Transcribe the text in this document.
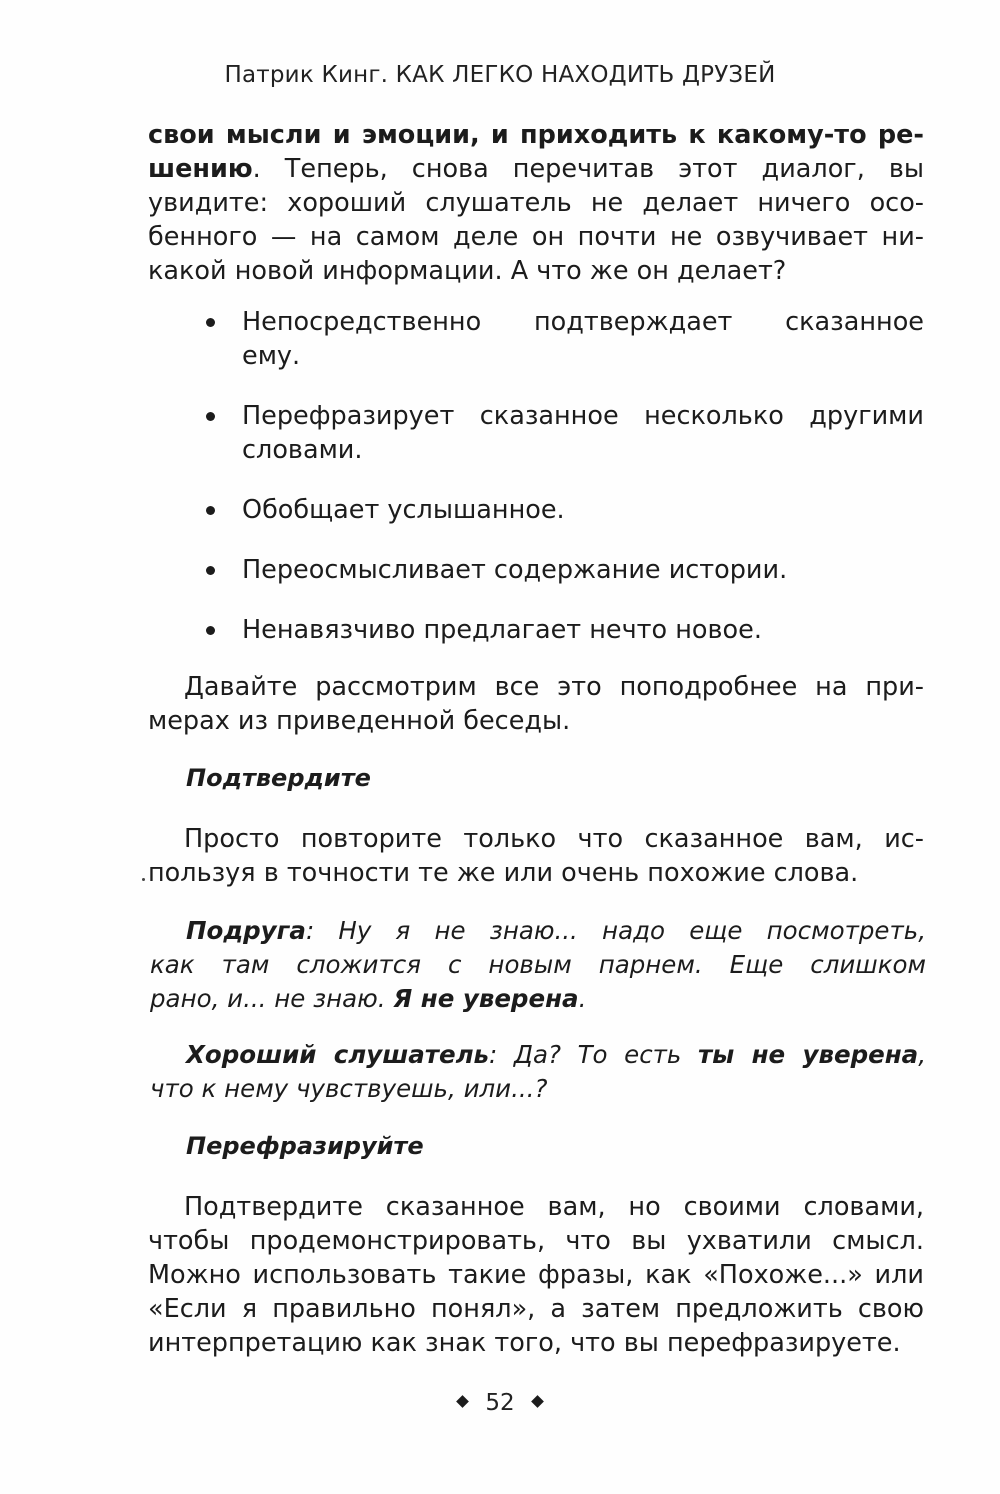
Патрик Кинг. КАК ЛЕГКО НАХОДИТЬ ДРУЗЕЙ
свои мысли и эмоции, и приходить к какому-то ре-
шению. Теперь, снова перечитав этот диалог, вы
увидите: хороший слушатель не делает ничего осо-
бенного — на самом деле он почти не озвучивает ни-
какой новой информации. А что же он делает?
Непосредственно подтверждает сказанное
ему.
Перефразирует сказанное несколько другими
словами.
Обобщает услышанное.
Переосмысливает содержание истории.
Ненавязчиво предлагает нечто новое.
Давайте рассмотрим все это поподробнее на при-
мерах из приведенной беседы.
Подтвердите
Просто повторите только что сказанное вам, ис-
пользуя в точности те же или очень похожие слова.
Подруга: Ну я не знаю... надо еще посмотреть,
как там сложится с новым парнем. Еще слишком
рано, и... не знаю. Я не уверена.
Хороший слушатель: Да? То есть ты не уверена,
что к нему чувствуешь, или...?
Перефразируйте
Подтвердите сказанное вам, но своими словами,
чтобы продемонстрировать, что вы ухватили смысл.
Можно использовать такие фразы, как «Похоже...» или
«Если я правильно понял», а затем предложить свою
интерпретацию как знак того, что вы перефразируете.
52
